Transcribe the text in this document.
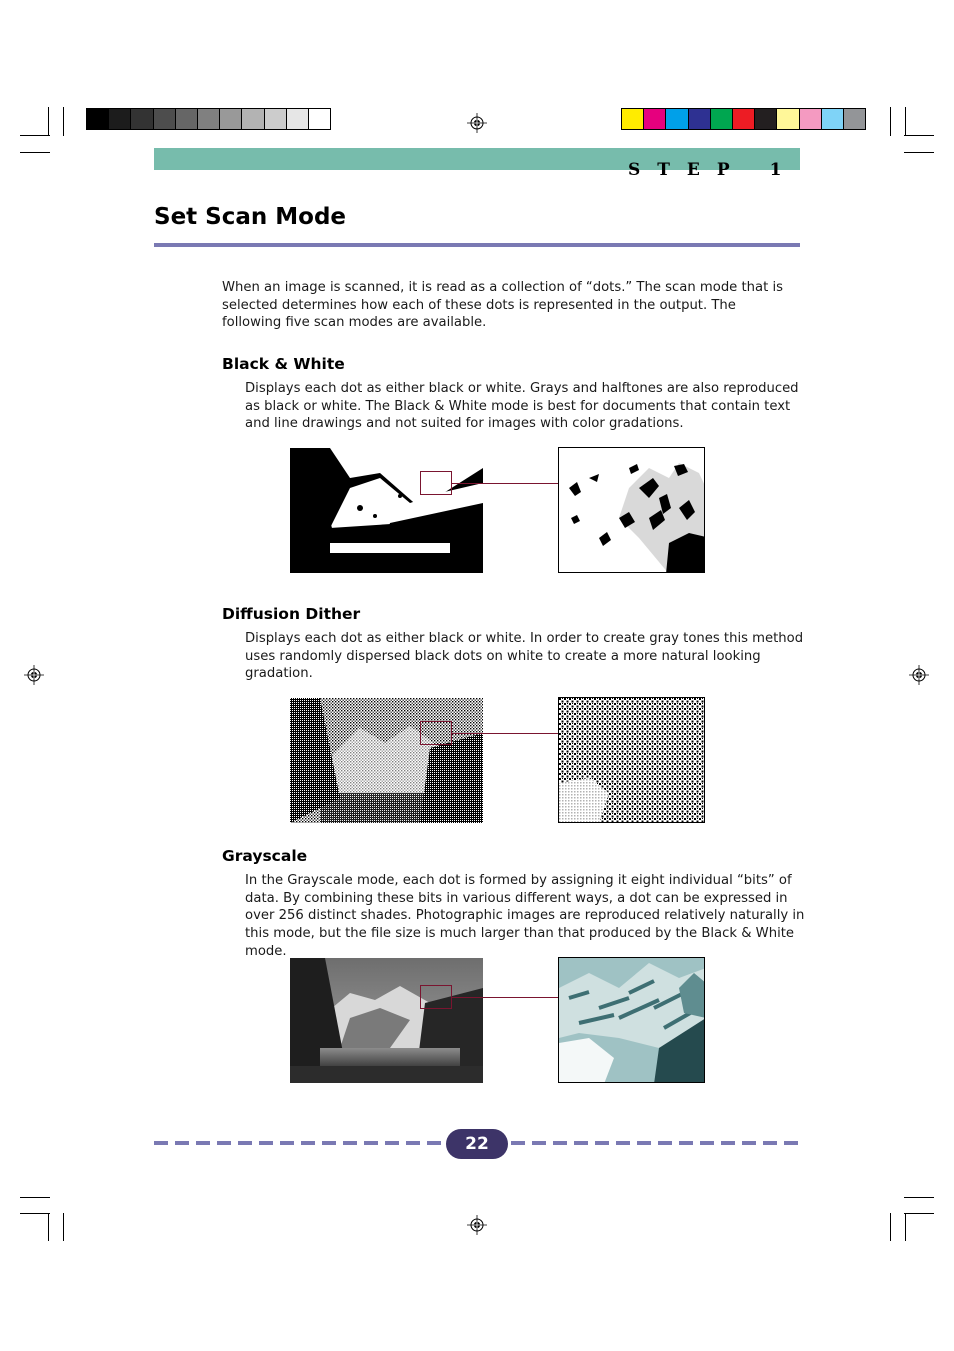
STEP 1
Set Scan Mode
When an image is scanned, it is read as a collection of “dots.” The scan mode that is selected determines how each of these dots is represented in the output. The following five scan modes are available.
Black & White
Displays each dot as either black or white. Grays and halftones are also reproduced as black or white. The Black & White mode is best for documents that contain text and line drawings and not suited for images with color gradations.
Diffusion Dither
Displays each dot as either black or white. In order to create gray tones this method uses randomly dispersed black dots on white to create a more natural looking gradation.
Grayscale
In the Grayscale mode, each dot is formed by assigning it eight individual “bits” of data. By combining these bits in various different ways, a dot can be expressed in over 256 distinct shades. Photographic images are reproduced relatively naturally in this mode, but the file size is much larger than that produced by the Black & White mode.
22
